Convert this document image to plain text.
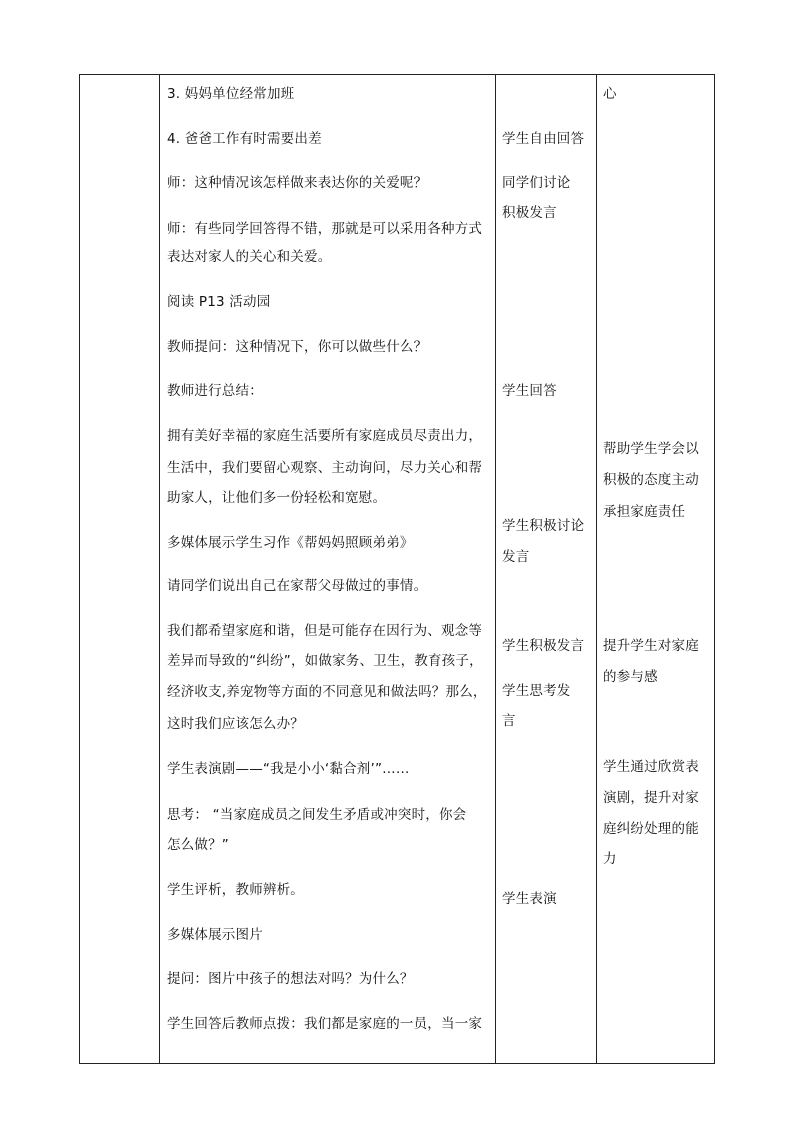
3. 妈妈单位经常加班
4. 爸爸工作有时需要出差
师：这种情况该怎样做来表达你的关爱呢？
师：有些同学回答得不错，那就是可以采用各种方式
表达对家人的关心和关爱。
阅读 P13 活动园
教师提问：这种情况下，你可以做些什么？
教师进行总结：
拥有美好幸福的家庭生活要所有家庭成员尽责出力，
生活中，我们要留心观察、主动询问，尽力关心和帮
助家人，让他们多一份轻松和宽慰。
多媒体展示学生习作《帮妈妈照顾弟弟》
请同学们说出自己在家帮父母做过的事情。
我们都希望家庭和谐，但是可能存在因行为、观念等
差异而导致的“纠纷”，如做家务、卫生，教育孩子，
经济收支,养宠物等方面的不同意见和做法吗？那么，
这时我们应该怎么办？
学生表演剧——“我是小小‘黏合剂’”……
思考： “当家庭成员之间发生矛盾或冲突时，你会
怎么做？”
学生评析，教师辨析。
多媒体展示图片
提问：图片中孩子的想法对吗？为什么？
学生回答后教师点拨：我们都是家庭的一员，当一家
学生自由回答
同学们讨论
积极发言
学生回答
学生积极讨论
发言
学生积极发言
学生思考发
言
学生表演
心
帮助学生学会以
积极的态度主动
承担家庭责任
提升学生对家庭
的参与感
学生通过欣赏表
演剧，提升对家
庭纠纷处理的能
力
